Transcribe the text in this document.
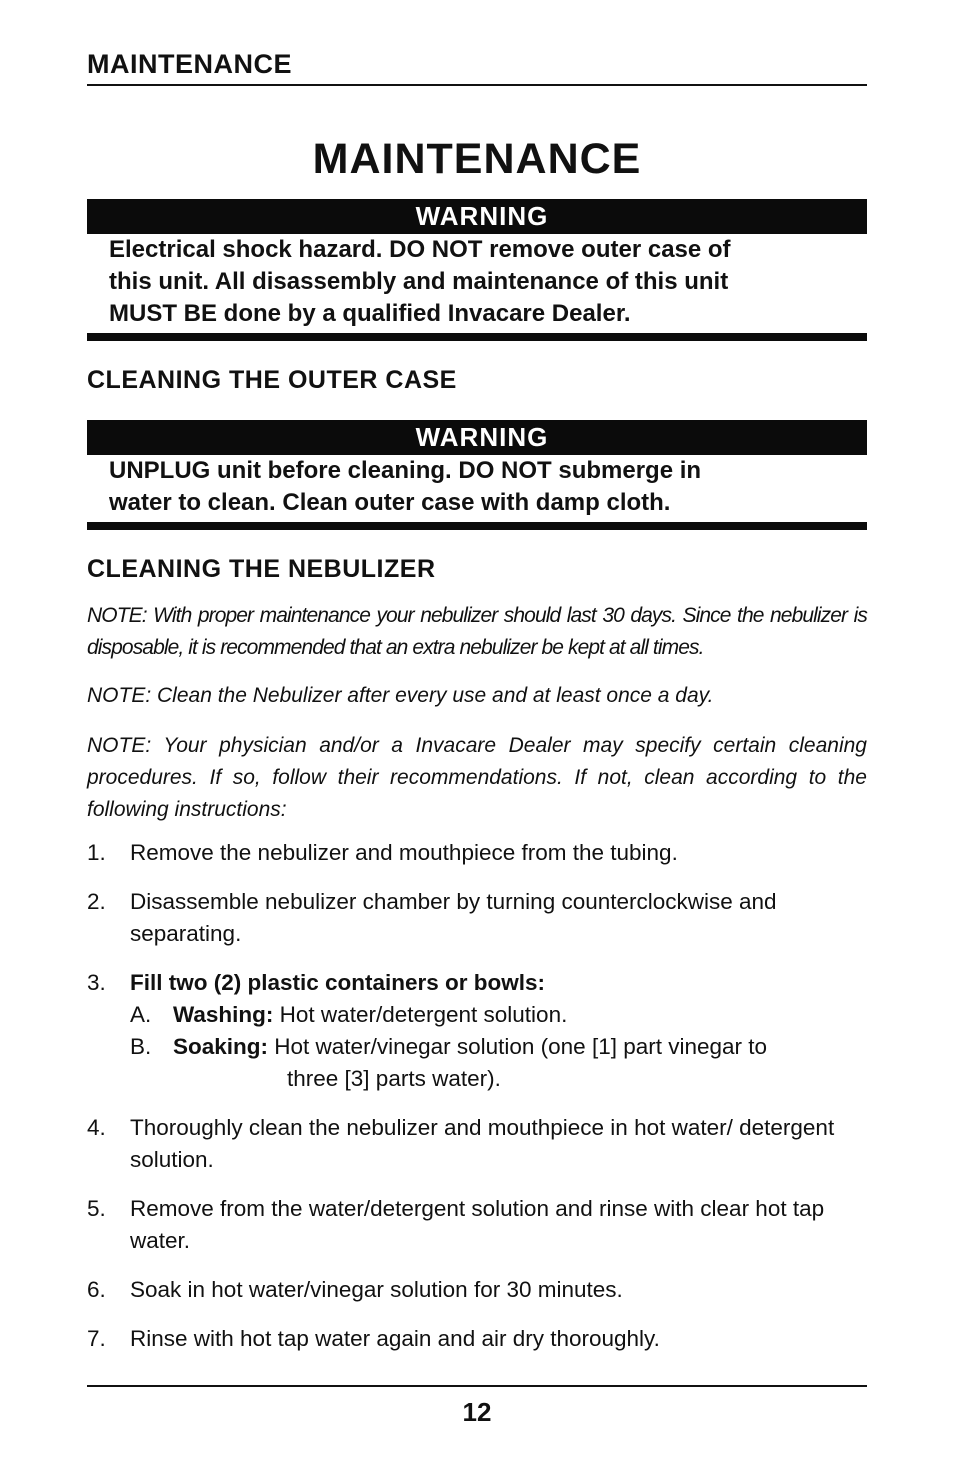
MAINTENANCE
MAINTENANCE
WARNING
Electrical shock hazard. DO NOT remove outer case of
this unit. All disassembly and maintenance of this unit
MUST BE done by a qualified Invacare Dealer.
CLEANING THE OUTER CASE
WARNING
UNPLUG unit before cleaning. DO NOT submerge in
water to clean. Clean outer case with damp cloth.
CLEANING THE NEBULIZER
NOTE: With proper maintenance your nebulizer should last 30 days. Since the nebulizer is disposable, it is recommended that an extra nebulizer be kept at all times.
NOTE: Clean the Nebulizer after every use and at least once a day.
NOTE: Your physician and/or a Invacare Dealer may specify certain cleaning procedures. If so, follow their recommendations. If not, clean according to the following instructions:
1.	Remove the nebulizer and mouthpiece from the tubing.
2.	Disassemble nebulizer chamber by turning counterclockwise and separating.
3.	Fill two (2) plastic containers or bowls:
A. Washing: Hot water/detergent solution.
B. Soaking: Hot water/vinegar solution (one [1] part vinegar to
three [3] parts water).
4.	Thoroughly clean the nebulizer and mouthpiece in hot water/ detergent solution.
5.	Remove from the water/detergent solution and rinse with clear hot tap water.
6.	Soak in hot water/vinegar solution for 30 minutes.
7.	Rinse with hot tap water again and air dry thoroughly.
12
